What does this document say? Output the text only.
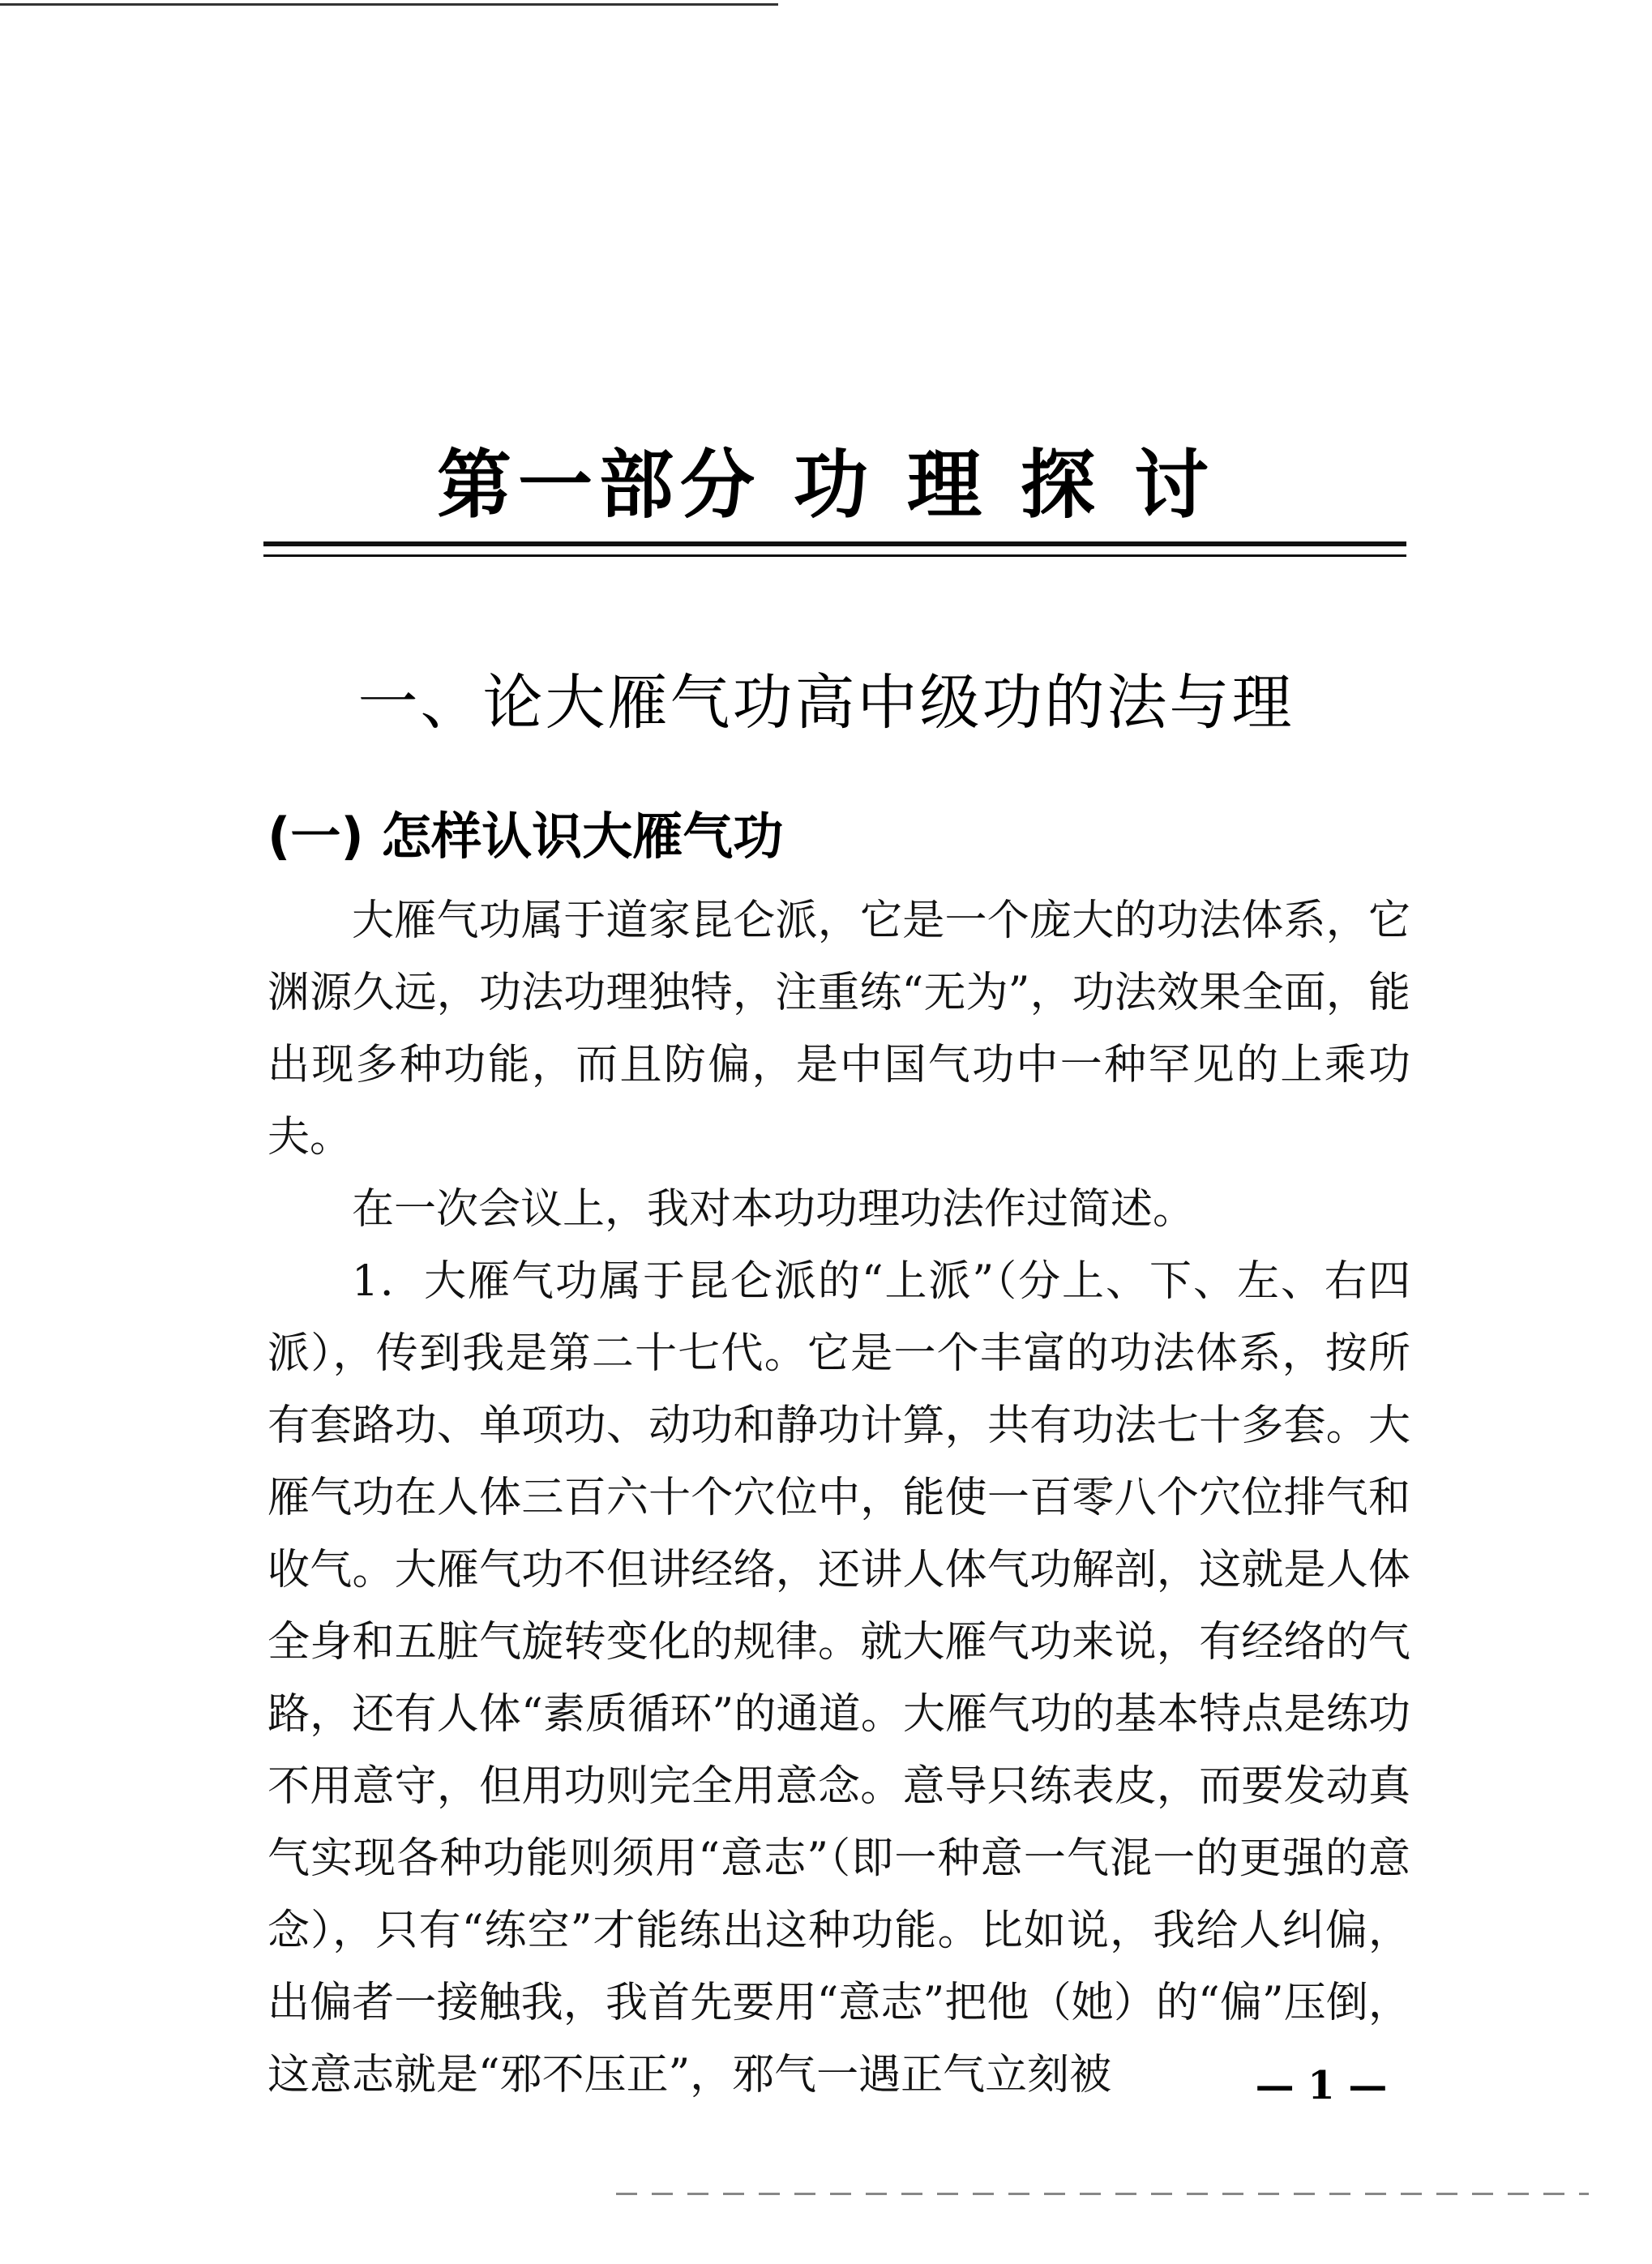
第一部分 功 理 探 讨
一、论大雁气功高中级功的法与理
(一) 怎样认识大雁气功

大雁气功属于道家昆仑派，它是一个庞大的功法体系，它渊源久远，功法功理独特，注重练“无为”，功法效果全面，能出现多种功能，而且防偏，是中国气功中一种罕见的上乘功夫。

在一次会议上，我对本功功理功法作过简述。

1．大雁气功属于昆仑派的“上派”（分上、下、左、右四派），传到我是第二十七代。它是一个丰富的功法体系，按所有套路功、单项功、动功和静功计算，共有功法七十多套。大雁气功在人体三百六十个穴位中，能使一百零八个穴位排气和收气。大雁气功不但讲经络，还讲人体气功解剖，这就是人体全身和五脏气旋转变化的规律。就大雁气功来说，有经络的气路，还有人体“素质循环”的通道。大雁气功的基本特点是练功不用意守，但用功则完全用意念。意导只练表皮，而要发动真气实现各种功能则须用“意志”（即一种意一气混一的更强的意念），只有“练空”才能练出这种功能。比如说，我给人纠偏，出偏者一接触我，我首先要用“意志”把他（她）的“偏”压倒，这意志就是“邪不压正”，邪气一遇正气立刻被	— 1 —
